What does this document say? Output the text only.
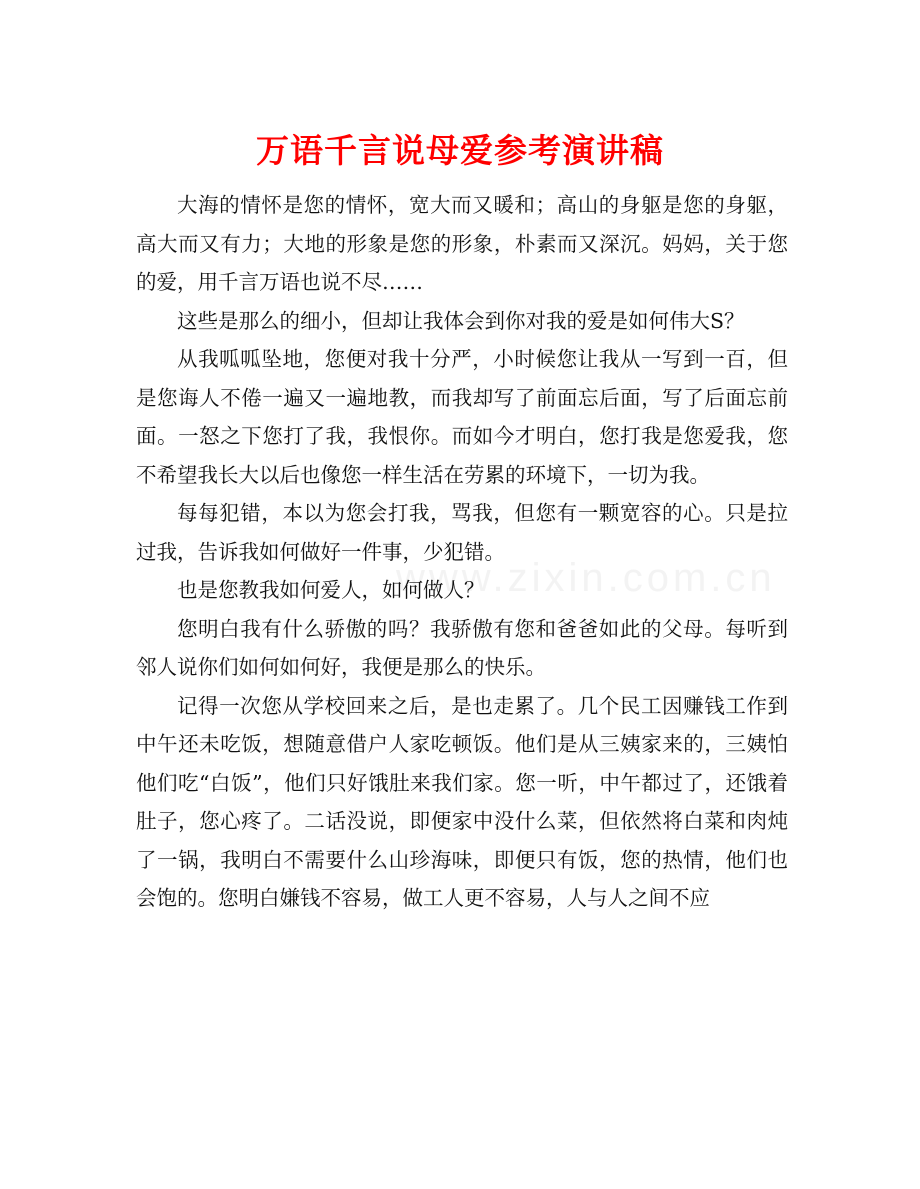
万语千言说母爱参考演讲稿
www.zixin.com.cn

大海的情怀是您的情怀，宽大而又暖和；高山的身躯是您的身躯，高大而又有力；大地的形象是您的形象，朴素而又深沉。妈妈，关于您的爱，用千言万语也说不尽……

这些是那么的细小，但却让我体会到你对我的爱是如何伟大S？

从我呱呱坠地，您便对我十分严，小时候您让我从一写到一百，但是您诲人不倦一遍又一遍地教，而我却写了前面忘后面，写了后面忘前面。一怒之下您打了我，我恨你。而如今才明白，您打我是您爱我，您不希望我长大以后也像您一样生活在劳累的环境下，一切为我。

每每犯错，本以为您会打我，骂我，但您有一颗宽容的心。只是拉过我，告诉我如何做好一件事，少犯错。

也是您教我如何爱人，如何做人？

您明白我有什么骄傲的吗？我骄傲有您和爸爸如此的父母。每听到邻人说你们如何如何好，我便是那么的快乐。

记得一次您从学校回来之后，是也走累了。几个民工因赚钱工作到中午还未吃饭，想随意借户人家吃顿饭。他们是从三姨家来的，三姨怕他们吃“白饭”，他们只好饿肚来我们家。您一听，中午都过了，还饿着肚子，您心疼了。二话没说，即便家中没什么菜，但依然将白菜和肉炖了一锅，我明白不需要什么山珍海味，即便只有饭，您的热情，他们也会饱的。您明白嫌钱不容易，做工人更不容易，人与人之间不应
